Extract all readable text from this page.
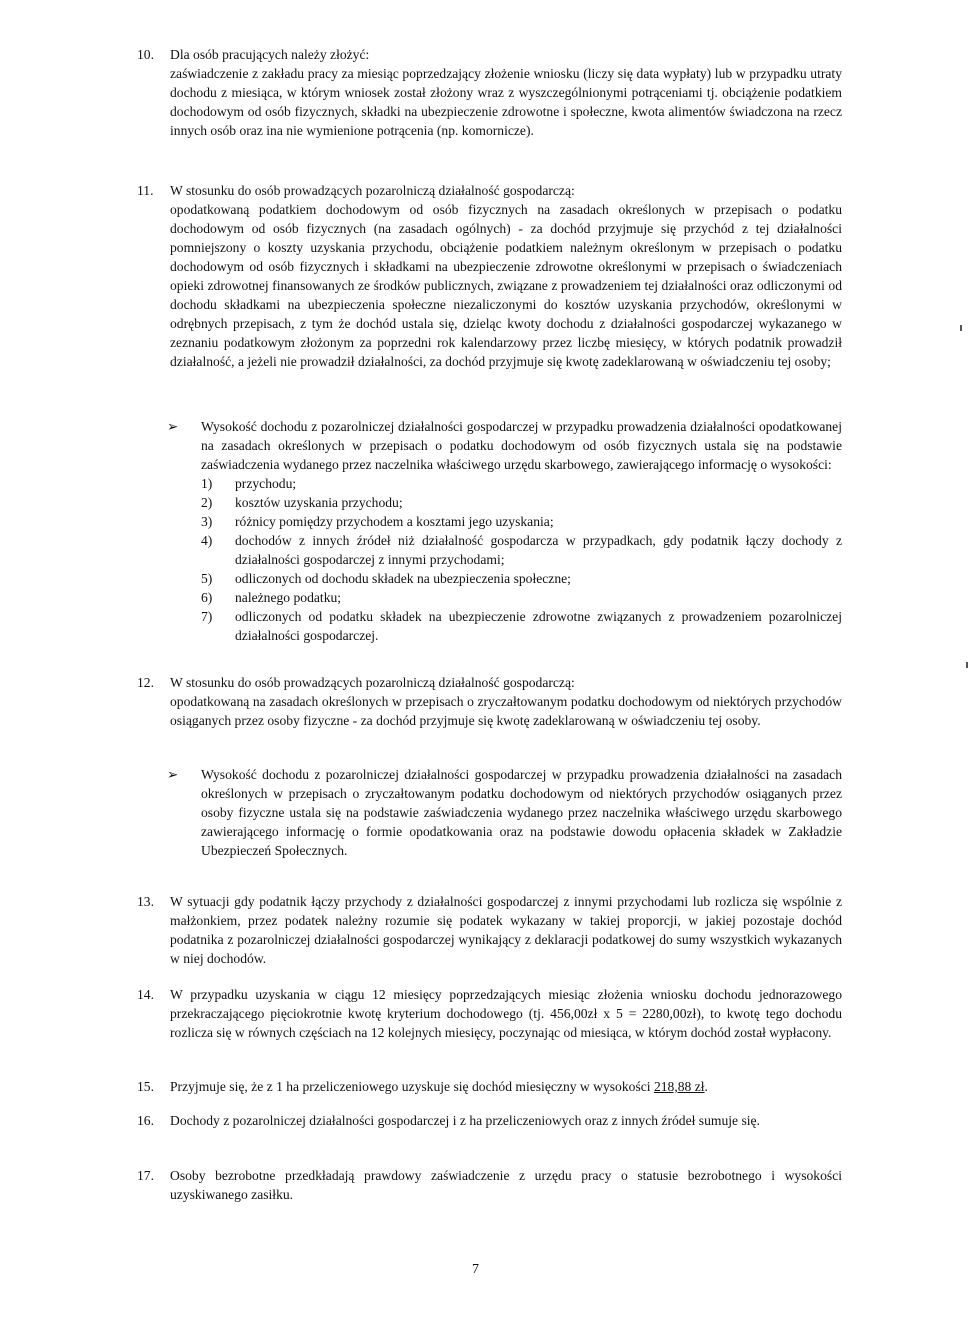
10.	Dla osób pracujących należy złożyć:

zaświadczenie z zakładu pracy za miesiąc poprzedzający złożenie wniosku (liczy się data wypłaty) lub w przypadku utraty dochodu z miesiąca, w którym wniosek został złożony wraz z wyszczególnionymi potrąceniami tj. obciążenie podatkiem dochodowym od osób fizycznych, składki na ubezpieczenie zdrowotne i społeczne, kwota alimentów świadczona na rzecz innych osób oraz ina nie wymienione potrącenia (np. komornicze).

11.	W stosunku do osób prowadzących pozarolniczą działalność gospodarczą:

opodatkowaną podatkiem dochodowym od osób fizycznych na zasadach określonych w przepisach o podatku dochodowym od osób fizycznych (na zasadach ogólnych) - za dochód przyjmuje się przychód z tej działalności pomniejszony o koszty uzyskania przychodu, obciążenie podatkiem należnym określonym w przepisach o podatku dochodowym od osób fizycznych i składkami na ubezpieczenie zdrowotne określonymi w przepisach o świadczeniach opieki zdrowotnej finansowanych ze środków publicznych, związane z prowadzeniem tej działalności oraz odliczonymi od dochodu składkami na ubezpieczenia społeczne niezaliczonymi do kosztów uzyskania przychodów, określonymi w odrębnych przepisach, z tym że dochód ustala się, dzieląc kwoty dochodu z działalności gospodarczej wykazanego w zeznaniu podatkowym złożonym za poprzedni rok kalendarzowy przez liczbę miesięcy, w których podatnik prowadził działalność, a jeżeli nie prowadził działalności, za dochód przyjmuje się kwotę zadeklarowaną w oświadczeniu tej osoby;

➢ Wysokość dochodu z pozarolniczej działalności gospodarczej w przypadku prowadzenia działalności opodatkowanej na zasadach określonych w przepisach o podatku dochodowym od osób fizycznych ustala się na podstawie zaświadczenia wydanego przez naczelnika właściwego urzędu skarbowego, zawierającego informację o wysokości:

1) przychodu;
2) kosztów uzyskania przychodu;
3) różnicy pomiędzy przychodem a kosztami jego uzyskania;
4) dochodów z innych źródeł niż działalność gospodarcza w przypadkach, gdy podatnik łączy dochody z działalności gospodarczej z innymi przychodami;
5) odliczonych od dochodu składek na ubezpieczenia społeczne;
6) należnego podatku;
7) odliczonych od podatku składek na ubezpieczenie zdrowotne związanych z prowadzeniem pozarolniczej działalności gospodarczej.
12.	W stosunku do osób prowadzących pozarolniczą działalność gospodarczą:

opodatkowaną na zasadach określonych w przepisach o zryczałtowanym podatku dochodowym od niektórych przychodów osiąganych przez osoby fizyczne - za dochód przyjmuje się kwotę zadeklarowaną w oświadczeniu tej osoby.

➢ Wysokość dochodu z pozarolniczej działalności gospodarczej w przypadku prowadzenia działalności na zasadach określonych w przepisach o zryczałtowanym podatku dochodowym od niektórych przychodów osiąganych przez osoby fizyczne ustala się na podstawie zaświadczenia wydanego przez naczelnika właściwego urzędu skarbowego zawierającego informację o formie opodatkowania oraz na podstawie dowodu opłacenia składek w Zakładzie Ubezpieczeń Społecznych.

13.	W sytuacji gdy podatnik łączy przychody z działalności gospodarczej z innymi przychodami lub rozlicza się wspólnie z małżonkiem, przez podatek należny rozumie się podatek wykazany w takiej proporcji, w jakiej pozostaje dochód podatnika z pozarolniczej działalności gospodarczej wynikający z deklaracji podatkowej do sumy wszystkich wykazanych w niej dochodów.

14.	W przypadku uzyskania w ciągu 12 miesięcy poprzedzających miesiąc złożenia wniosku dochodu jednorazowego przekraczającego pięciokrotnie kwotę kryterium dochodowego (tj. 456,00zł x 5 = 2280,00zł), to kwotę tego dochodu rozlicza się w równych częściach na 12 kolejnych miesięcy, poczynając od miesiąca, w którym dochód został wypłacony.

15.	Przyjmuje się, że z 1 ha przeliczeniowego uzyskuje się dochód miesięczny w wysokości 218,88 zł.

16.	Dochody z pozarolniczej działalności gospodarczej i z ha przeliczeniowych oraz z innych źródeł sumuje się.

17.	Osoby bezrobotne przedkładają prawdowy zaświadczenie z urzędu pracy o statusie bezrobotnego i wysokości uzyskiwanego zasiłku.

7
